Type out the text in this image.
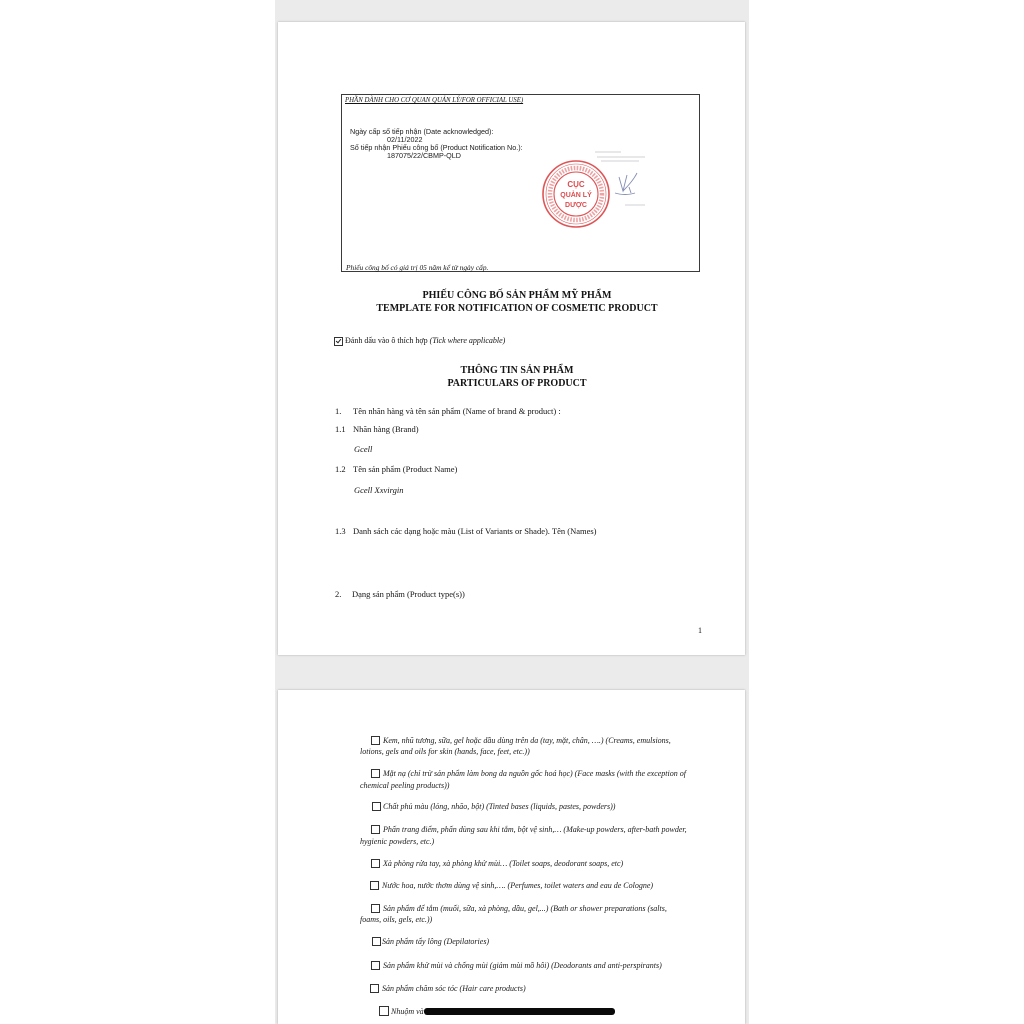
PHẦN DÀNH CHO CƠ QUAN QUẢN LÝ/FOR OFFICIAL USE)
Ngày cấp số tiếp nhận (Date acknowledged):
02/11/2022
Số tiếp nhận Phiếu công bố (Product Notification No.):
187075/22/CBMP-QLD
CỤC
QUẢN LÝ
DƯỢC
Phiếu công bố có giá trị 05 năm kể từ ngày cấp.
PHIẾU CÔNG BỐ SẢN PHẨM MỸ PHẨM
TEMPLATE FOR NOTIFICATION OF COSMETIC PRODUCT
Đánh dấu vào ô thích hợp (Tick where applicable)
THÔNG TIN SẢN PHẨM
PARTICULARS OF PRODUCT
1. Tên nhãn hàng và tên sản phẩm (Name of brand & product) :
1.1 Nhãn hàng (Brand)
Gcell
1.2 Tên sản phẩm (Product Name)
Gcell Xxvirgin
1.3 Danh sách các dạng hoặc màu (List of Variants or Shade). Tên (Names)
2. Dạng sản phẩm (Product type(s))
1
Kem, nhũ tương, sữa, gel hoặc dầu dùng trên da (tay, mặt, chân, ….) (Creams, emulsions,
lotions, gels and oils for skin (hands, face, feet, etc.))
Mặt nạ (chỉ trừ sản phẩm làm bong da nguồn gốc hoá học) (Face masks (with the exception of
chemical peeling products))
Chất phủ màu (lỏng, nhão, bột) (Tinted bases (liquids, pastes, powders))
Phấn trang điểm, phấn dùng sau khi tắm, bột vệ sinh,… (Make-up powders, after-bath powder,
hygienic powders, etc.)
Xà phòng rửa tay, xà phòng khử mùi… (Toilet soaps, deodorant soaps, etc)
Nước hoa, nước thơm dùng vệ sinh,…. (Perfumes, toilet waters and eau de Cologne)
Sản phẩm để tắm (muối, sữa, xà phòng, dầu, gel,...) (Bath or shower preparations (salts,
foams, oils, gels, etc.))
Sản phẩm tẩy lông (Depilatories)
Sản phẩm khử mùi và chống mùi (giảm mùi mồ hôi) (Deodorants and anti-perspirants)
Sản phẩm chăm sóc tóc (Hair care products)
Nhuộm và
